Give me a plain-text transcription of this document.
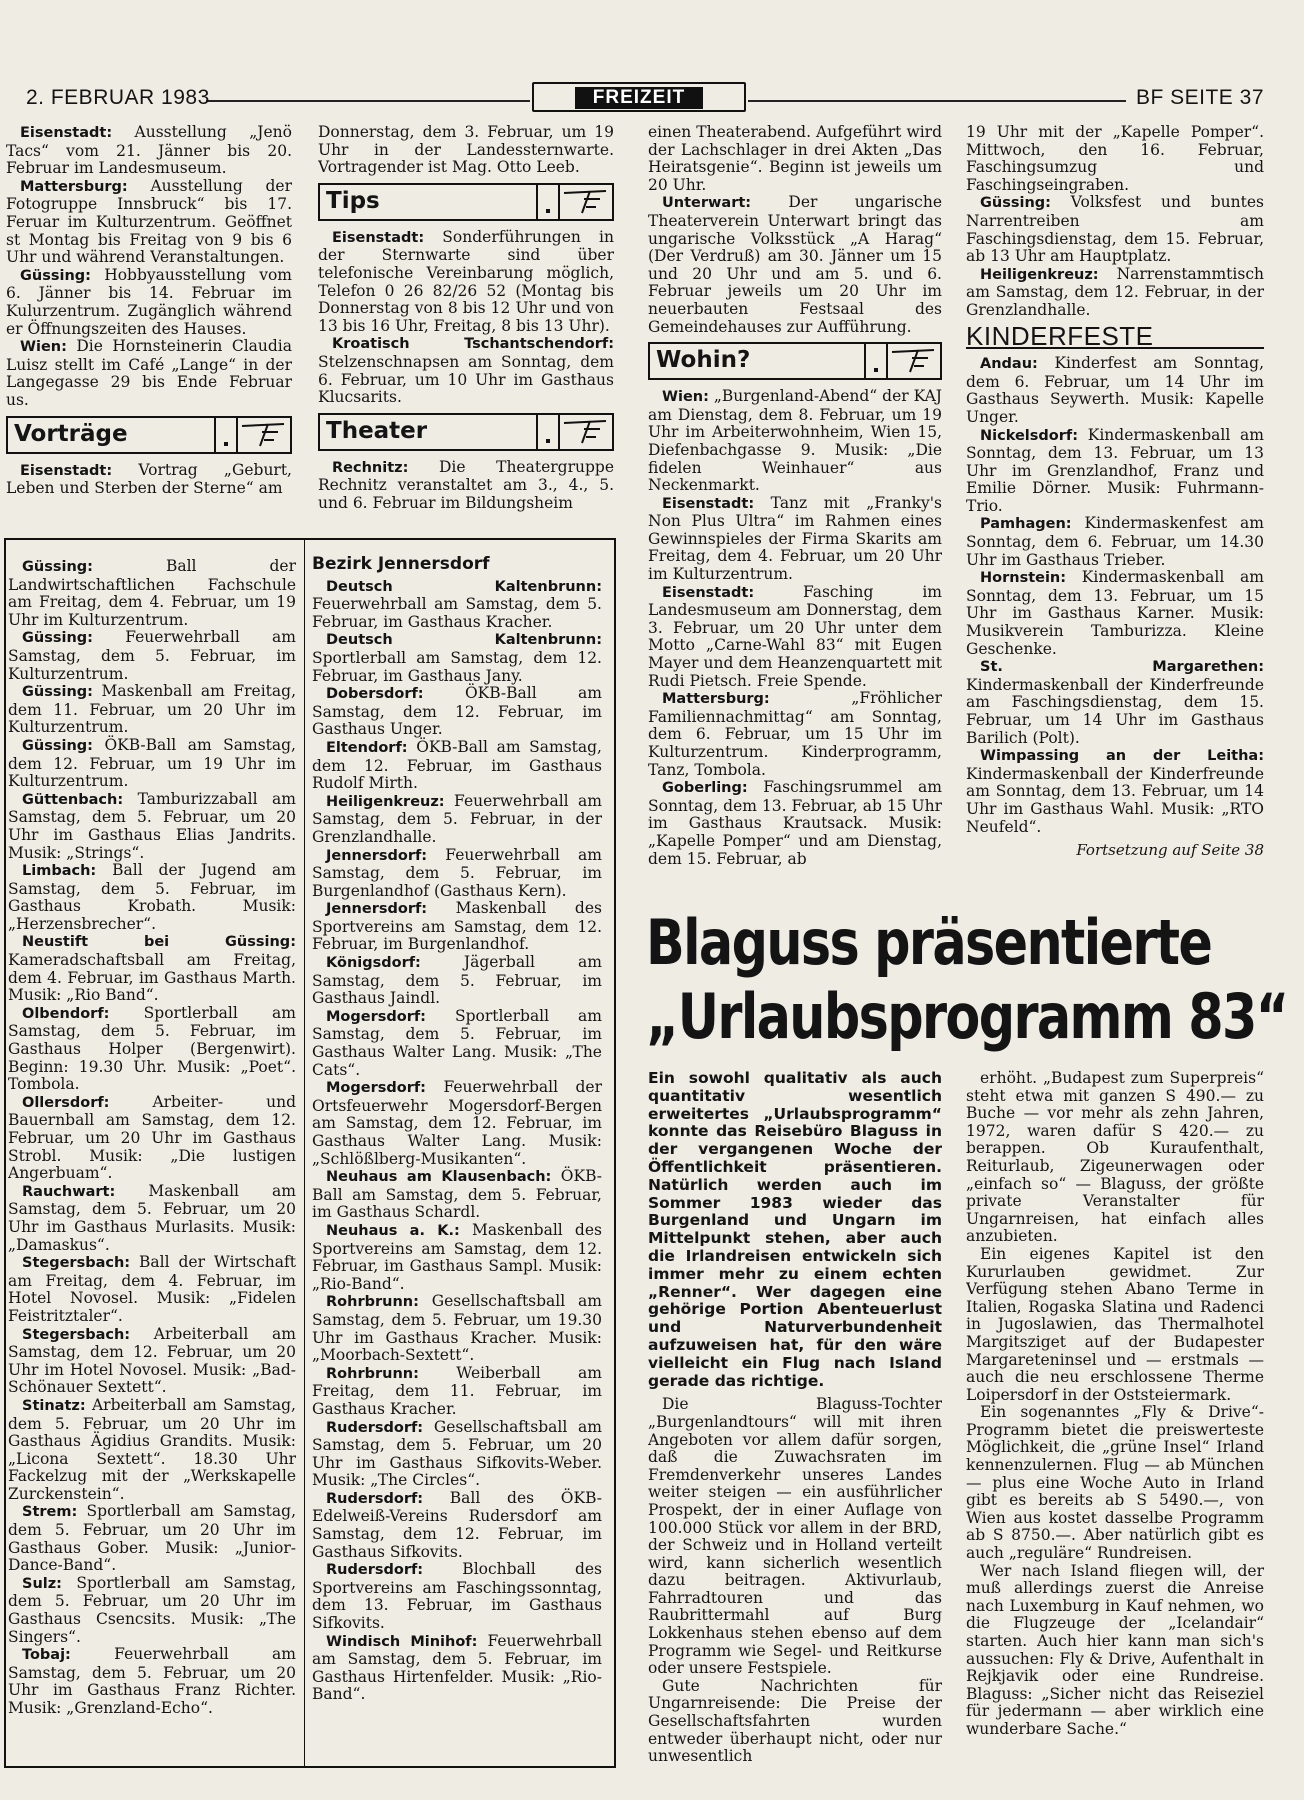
2. FEBRUAR 1983	FREIZEIT	BF SEITE 37

Eisenstadt: Ausstellung „Jenö Tacs“ vom 21. Jänner bis 20. Februar im Landesmuseum.

Mattersburg: Ausstellung der Fotogruppe Innsbruck“ bis 17. Feruar im Kulturzentrum. Geöffnet st Montag bis Freitag von 9 bis 6 Uhr und während Veranstaltungen.

Güssing: Hobbyausstellung vom 6. Jänner bis 14. Februar im Kulurzentrum. Zugänglich während er Öffnungszeiten des Hauses.

Wien: Die Hornsteinerin Claudia Luisz stellt im Café „Lange“ in der Langegasse 29 bis Ende Februar us.

Vorträge

Eisenstadt: Vortrag „Geburt, Leben und Sterben der Sterne“ am

Donnerstag, dem 3. Februar, um 19 Uhr in der Landessternwarte. Vortragender ist Mag. Otto Leeb.

Tips

Eisenstadt: Sonderführungen in der Sternwarte sind über telefonische Vereinbarung möglich, Telefon 0 26 82/26 52 (Montag bis Donnerstag von 8 bis 12 Uhr und von 13 bis 16 Uhr, Freitag, 8 bis 13 Uhr).

Kroatisch Tschantschendorf: Stelzenschnapsen am Sonntag, dem 6. Februar, um 10 Uhr im Gasthaus Klucsarits.

Theater

Rechnitz: Die Theatergruppe Rechnitz veranstaltet am 3., 4., 5. und 6. Februar im Bildungsheim

einen Theaterabend. Aufgeführt wird der Lachschlager in drei Akten „Das Heiratsgenie“. Beginn ist jeweils um 20 Uhr.

Unterwart: Der ungarische Theaterverein Unterwart bringt das ungarische Volksstück „A Harag“ (Der Verdruß) am 30. Jänner um 15 und 20 Uhr und am 5. und 6. Februar jeweils um 20 Uhr im neuerbauten Festsaal des Gemeindehauses zur Aufführung.

Wohin?

Wien: „Burgenland-Abend“ der KAJ am Dienstag, dem 8. Februar, um 19 Uhr im Arbeiterwohnheim, Wien 15, Diefenbachgasse 9. Musik: „Die fidelen Weinhauer“ aus Neckenmarkt.

Eisenstadt: Tanz mit „Franky's Non Plus Ultra“ im Rahmen eines Gewinnspieles der Firma Skarits am Freitag, dem 4. Februar, um 20 Uhr im Kulturzentrum.

Eisenstadt: Fasching im Landesmuseum am Donnerstag, dem 3. Februar, um 20 Uhr unter dem Motto „Carne-Wahl 83“ mit Eugen Mayer und dem Heanzenquartett mit Rudi Pietsch. Freie Spende.

Mattersburg: „Fröhlicher Familiennachmittag“ am Sonntag, dem 6. Februar, um 15 Uhr im Kulturzentrum. Kinderprogramm, Tanz, Tombola.

Goberling: Faschingsrummel am Sonntag, dem 13. Februar, ab 15 Uhr im Gasthaus Krautsack. Musik: „Kapelle Pomper“ und am Dienstag, dem 15. Februar, ab

19 Uhr mit der „Kapelle Pomper“. Mittwoch, den 16. Februar, Faschingsumzug und Faschingseingraben.

Güssing: Volksfest und buntes Narrentreiben am Faschingsdienstag, dem 15. Februar, ab 13 Uhr am Hauptplatz.

Heiligenkreuz: Narrenstammtisch am Samstag, dem 12. Februar, in der Grenzlandhalle.

KINDERFESTE

Andau: Kinderfest am Sonntag, dem 6. Februar, um 14 Uhr im Gasthaus Seywerth. Musik: Kapelle Unger.

Nickelsdorf: Kindermaskenball am Sonntag, dem 13. Februar, um 13 Uhr im Grenzlandhof, Franz und Emilie Dörner. Musik: Fuhrmann-Trio.

Pamhagen: Kindermaskenfest am Sonntag, dem 6. Februar, um 14.30 Uhr im Gasthaus Trieber.

Hornstein: Kindermaskenball am Sonntag, dem 13. Februar, um 15 Uhr im Gasthaus Karner. Musik: Musikverein Tamburizza. Kleine Geschenke.

St. Margarethen: Kindermaskenball der Kinderfreunde am Faschingsdienstag, dem 15. Februar, um 14 Uhr im Gasthaus Barilich (Polt).

Wimpassing an der Leitha: Kindermaskenball der Kinderfreunde am Sonntag, dem 13. Februar, um 14 Uhr im Gasthaus Wahl. Musik: „RTO Neufeld“.

Fortsetzung auf Seite 38

Güssing: Ball der Landwirtschaftlichen Fachschule am Freitag, dem 4. Februar, um 19 Uhr im Kulturzentrum.

Güssing: Feuerwehrball am Samstag, dem 5. Februar, im Kulturzentrum.

Güssing: Maskenball am Freitag, dem 11. Februar, um 20 Uhr im Kulturzentrum.

Güssing: ÖKB-Ball am Samstag, dem 12. Februar, um 19 Uhr im Kulturzentrum.

Güttenbach: Tamburizzaball am Samstag, dem 5. Februar, um 20 Uhr im Gasthaus Elias Jandrits. Musik: „Strings“.

Limbach: Ball der Jugend am Samstag, dem 5. Februar, im Gasthaus Krobath. Musik: „Herzensbrecher“.

Neustift bei Güssing: Kameradschaftsball am Freitag, dem 4. Februar, im Gasthaus Marth. Musik: „Rio Band“.

Olbendorf: Sportlerball am Samstag, dem 5. Februar, im Gasthaus Holper (Bergenwirt). Beginn: 19.30 Uhr. Musik: „Poet“. Tombola.

Ollersdorf: Arbeiter- und Bauernball am Samstag, dem 12. Februar, um 20 Uhr im Gasthaus Strobl. Musik: „Die lustigen Angerbuam“.

Rauchwart: Maskenball am Samstag, dem 5. Februar, um 20 Uhr im Gasthaus Murlasits. Musik: „Damaskus“.

Stegersbach: Ball der Wirtschaft am Freitag, dem 4. Februar, im Hotel Novosel. Musik: „Fidelen Feistritztaler“.

Stegersbach: Arbeiterball am Samstag, dem 12. Februar, um 20 Uhr im Hotel Novosel. Musik: „Bad-Schönauer Sextett“.

Stinatz: Arbeiterball am Samstag, dem 5. Februar, um 20 Uhr im Gasthaus Ägidius Grandits. Musik: „Licona Sextett“. 18.30 Uhr Fackelzug mit der „Werkskapelle Zurckenstein“.

Strem: Sportlerball am Samstag, dem 5. Februar, um 20 Uhr im Gasthaus Gober. Musik: „Junior-Dance-Band“.

Sulz: Sportlerball am Samstag, dem 5. Februar, um 20 Uhr im Gasthaus Csencsits. Musik: „The Singers“.

Tobaj: Feuerwehrball am Samstag, dem 5. Februar, um 20 Uhr im Gasthaus Franz Richter. Musik: „Grenzland-Echo“.

Bezirk Jennersdorf

Deutsch Kaltenbrunn: Feuerwehrball am Samstag, dem 5. Februar, im Gasthaus Kracher.

Deutsch Kaltenbrunn: Sportlerball am Samstag, dem 12. Februar, im Gasthaus Jany.

Dobersdorf: ÖKB-Ball am Samstag, dem 12. Februar, im Gasthaus Unger.

Eltendorf: ÖKB-Ball am Samstag, dem 12. Februar, im Gasthaus Rudolf Mirth.

Heiligenkreuz: Feuerwehrball am Samstag, dem 5. Februar, in der Grenzlandhalle.

Jennersdorf: Feuerwehrball am Samstag, dem 5. Februar, im Burgenlandhof (Gasthaus Kern).

Jennersdorf: Maskenball des Sportvereins am Samstag, dem 12. Februar, im Burgenlandhof.

Königsdorf: Jägerball am Samstag, dem 5. Februar, im Gasthaus Jaindl.

Mogersdorf: Sportlerball am Samstag, dem 5. Februar, im Gasthaus Walter Lang. Musik: „The Cats“.

Mogersdorf: Feuerwehrball der Ortsfeuerwehr Mogersdorf-Bergen am Samstag, dem 12. Februar, im Gasthaus Walter Lang. Musik: „Schlößlberg-Musikanten“.

Neuhaus am Klausenbach: ÖKB-Ball am Samstag, dem 5. Februar, im Gasthaus Schardl.

Neuhaus a. K.: Maskenball des Sportvereins am Samstag, dem 12. Februar, im Gasthaus Sampl. Musik: „Rio-Band“.

Rohrbrunn: Gesellschaftsball am Samstag, dem 5. Februar, um 19.30 Uhr im Gasthaus Kracher. Musik: „Moorbach-Sextett“.

Rohrbrunn: Weiberball am Freitag, dem 11. Februar, im Gasthaus Kracher.

Rudersdorf: Gesellschaftsball am Samstag, dem 5. Februar, um 20 Uhr im Gasthaus Sifkovits-Weber. Musik: „The Circles“.

Rudersdorf: Ball des ÖKB-Edelweiß-Vereins Rudersdorf am Samstag, dem 12. Februar, im Gasthaus Sifkovits.

Rudersdorf: Blochball des Sportvereins am Faschingssonntag, dem 13. Februar, im Gasthaus Sifkovits.

Windisch Minihof: Feuerwehrball am Samstag, dem 5. Februar, im Gasthaus Hirtenfelder. Musik: „Rio-Band“.

Blaguss präsentierte
„Urlaubsprogramm 83“
Ein sowohl qualitativ als auch quantitativ wesentlich erweitertes „Urlaubsprogramm“ konnte das Reisebüro Blaguss in der vergangenen Woche der Öffentlichkeit präsentieren. Natürlich werden auch im Sommer 1983 wieder das Burgenland und Ungarn im Mittelpunkt stehen, aber auch die Irlandreisen entwickeln sich immer mehr zu einem echten „Renner“. Wer dagegen eine gehörige Portion Abenteuerlust und Naturverbundenheit aufzuweisen hat, für den wäre vielleicht ein Flug nach Island gerade das richtige.

Die Blaguss-Tochter „Burgenlandtours“ will mit ihren Angeboten vor allem dafür sorgen, daß die Zuwachsraten im Fremdenverkehr unseres Landes weiter steigen — ein ausführlicher Prospekt, der in einer Auflage von 100.000 Stück vor allem in der BRD, der Schweiz und in Holland verteilt wird, kann sicherlich wesentlich dazu beitragen. Aktivurlaub, Fahrradtouren und das Raubrittermahl auf Burg Lokkenhaus stehen ebenso auf dem Programm wie Segel- und Reitkurse oder unsere Festspiele.

Gute Nachrichten für Ungarnreisende: Die Preise der Gesellschaftsfahrten wurden entweder überhaupt nicht, oder nur unwesentlich

erhöht. „Budapest zum Superpreis“ steht etwa mit ganzen S 490.— zu Buche — vor mehr als zehn Jahren, 1972, waren dafür S 420.— zu berappen. Ob Kuraufenthalt, Reiturlaub, Zigeunerwagen oder „einfach so“ — Blaguss, der größte private Veranstalter für Ungarnreisen, hat einfach alles anzubieten.

Ein eigenes Kapitel ist den Kururlauben gewidmet. Zur Verfügung stehen Abano Terme in Italien, Rogaska Slatina und Radenci in Jugoslawien, das Thermalhotel Margitsziget auf der Budapester Margareteninsel und — erstmals — auch die neu erschlossene Therme Loipersdorf in der Oststeiermark.

Ein sogenanntes „Fly & Drive“-Programm bietet die preiswerteste Möglichkeit, die „grüne Insel“ Irland kennenzulernen. Flug — ab München — plus eine Woche Auto in Irland gibt es bereits ab S 5490.—, von Wien aus kostet dasselbe Programm ab S 8750.—. Aber natürlich gibt es auch „reguläre“ Rundreisen.

Wer nach Island fliegen will, der muß allerdings zuerst die Anreise nach Luxemburg in Kauf nehmen, wo die Flugzeuge der „Icelandair“ starten. Auch hier kann man sich's aussuchen: Fly & Drive, Aufenthalt in Rejkjavik oder eine Rundreise. Blaguss: „Sicher nicht das Reiseziel für jedermann — aber wirklich eine wunderbare Sache.“
